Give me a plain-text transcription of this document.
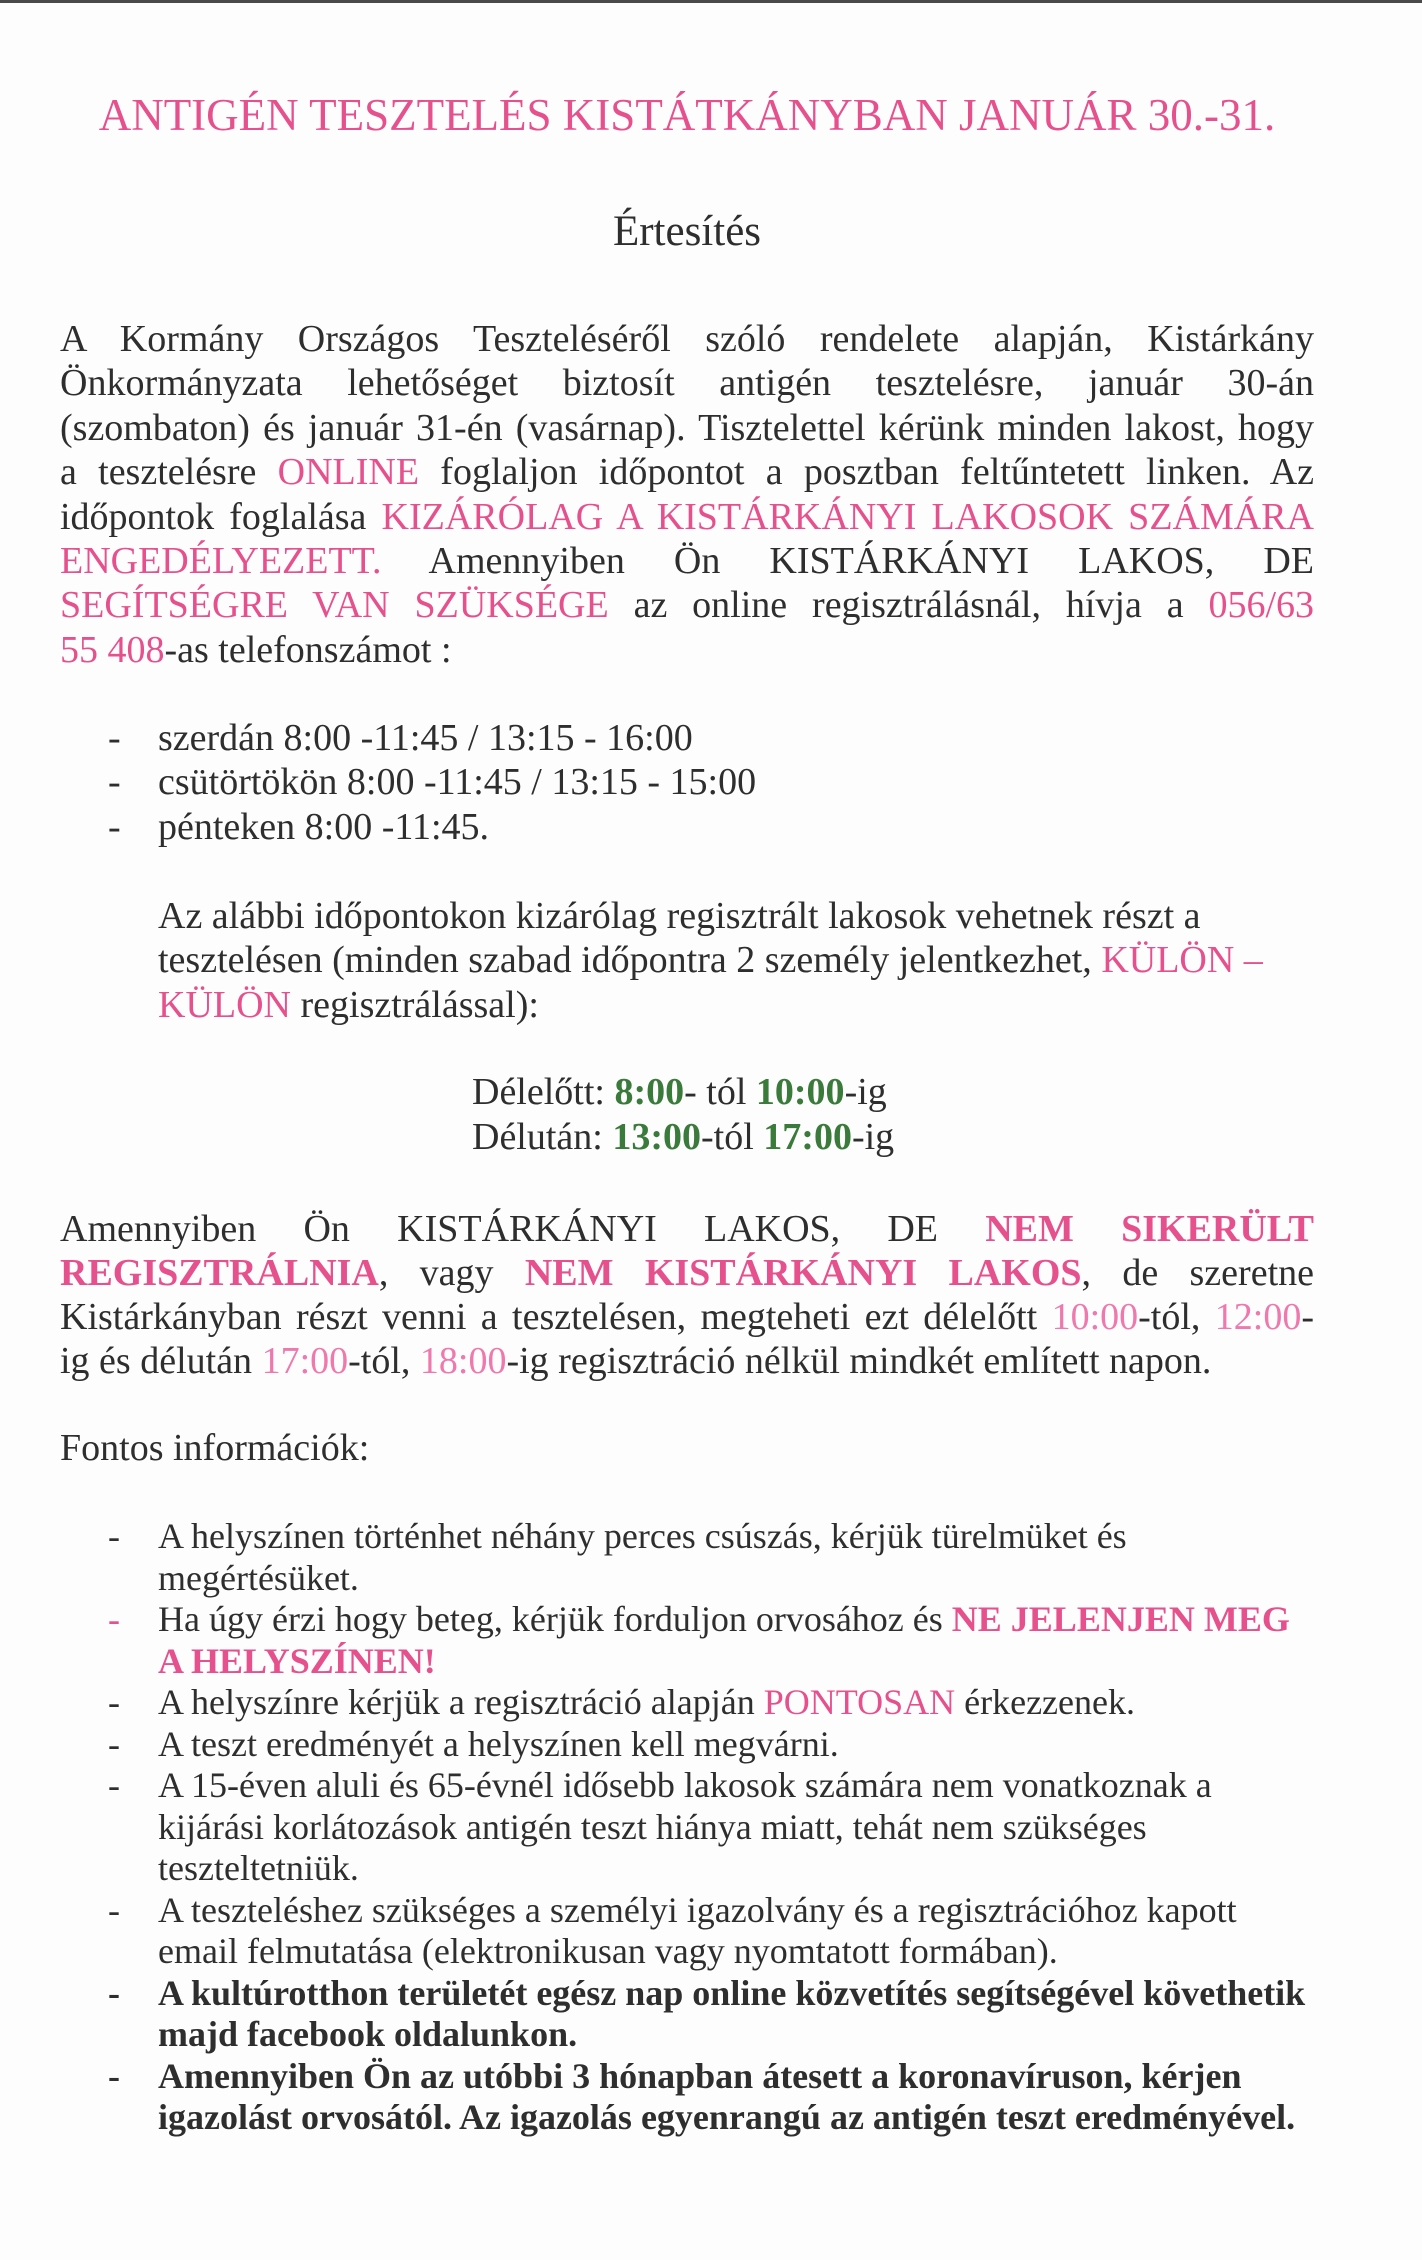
ANTIGÉN TESZTELÉS KISTÁTKÁNYBAN JANUÁR 30.-31.
Értesítés
A Kormány Országos Teszteléséről szóló rendelete alapján, Kistárkány
Önkormányzata lehetőséget biztosít antigén tesztelésre, január 30-án
(szombaton) és január 31-én (vasárnap). Tisztelettel kérünk minden lakost, hogy
a tesztelésre ONLINE foglaljon időpontot a posztban feltűntetett linken. Az
időpontok foglalása KIZÁRÓLAG A KISTÁRKÁNYI LAKOSOK SZÁMÁRA
ENGEDÉLYEZETT. Amennyiben Ön KISTÁRKÁNYI LAKOS, DE
SEGÍTSÉGRE VAN SZÜKSÉGE az online regisztrálásnál, hívja a 056/63
55 408-as telefonszámot :
- szerdán 8:00 -11:45 / 13:15 - 16:00
- csütörtökön 8:00 -11:45 / 13:15 - 15:00
- pénteken 8:00 -11:45.
Az alábbi időpontokon kizárólag regisztrált lakosok vehetnek részt a
tesztelésen (minden szabad időpontra 2 személy jelentkezhet, KÜLÖN –
KÜLÖN regisztrálással):
Délelőtt: 8:00- tól 10:00-ig
Délután: 13:00-tól 17:00-ig
Amennyiben Ön KISTÁRKÁNYI LAKOS, DE NEM SIKERÜLT
REGISZTRÁLNIA, vagy NEM KISTÁRKÁNYI LAKOS, de szeretne
Kistárkányban részt venni a tesztelésen, megteheti ezt délelőtt 10:00-tól, 12:00-
ig és délután 17:00-tól, 18:00-ig regisztráció nélkül mindkét említett napon.
Fontos információk:
- A helyszínen történhet néhány perces csúszás, kérjük türelmüket és
megértésüket.
- Ha úgy érzi hogy beteg, kérjük forduljon orvosához és NE JELENJEN MEG
A HELYSZÍNEN!
- A helyszínre kérjük a regisztráció alapján PONTOSAN érkezzenek.
- A teszt eredményét a helyszínen kell megvárni.
- A 15-éven aluli és 65-évnél idősebb lakosok számára nem vonatkoznak a
kijárási korlátozások antigén teszt hiánya miatt, tehát nem szükséges
teszteltetniük.
- A teszteléshez szükséges a személyi igazolvány és a regisztrációhoz kapott
email felmutatása (elektronikusan vagy nyomtatott formában).
- A kultúrotthon területét egész nap online közvetítés segítségével követhetik
majd facebook oldalunkon.
- Amennyiben Ön az utóbbi 3 hónapban átesett a koronavíruson, kérjen
igazolást orvosától. Az igazolás egyenrangú az antigén teszt eredményével.
